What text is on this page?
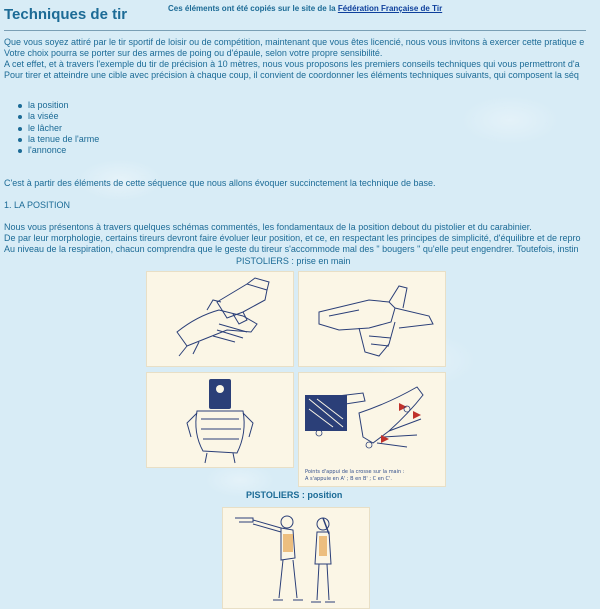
Techniques de tir	Ces éléments ont été copiés sur le site de la Fédération Française de Tir
Que vous soyez attiré par le tir sportif de loisir ou de compétition, maintenant que vous êtes licencié, nous vous invitons à exercer cette pratique e
Votre choix pourra se porter sur des armes de poing ou d'épaule, selon votre propre sensibilité.
A cet effet, et à travers l'exemple du tir de précision à 10 mètres, nous vous proposons les premiers conseils techniques qui vous permettront d'a
Pour tirer et atteindre une cible avec précision à chaque coup, il convient de coordonner les éléments techniques suivants, qui composent la séq
la position
la visée
le lâcher
la tenue de l'arme
l'annonce
C'est à partir des éléments de cette séquence que nous allons évoquer succinctement la technique de base.
1. LA POSITION
Nous vous présentons à travers quelques schémas commentés, les fondamentaux de la position debout du pistolier et du carabinier.
De par leur morphologie, certains tireurs devront faire évoluer leur position, et ce, en respectant les principes de simplicité, d'équilibre et de repro
Au niveau de la respiration, chacun comprendra que le geste du tireur s'accommode mal des " bougers " qu'elle peut engendrer. Toutefois, instin
PISTOLIERS : prise en main
Points d'appui de la crosse sur la main :
A s'appuie en A' ; B en B' ; C en C'.
PISTOLIERS : position
